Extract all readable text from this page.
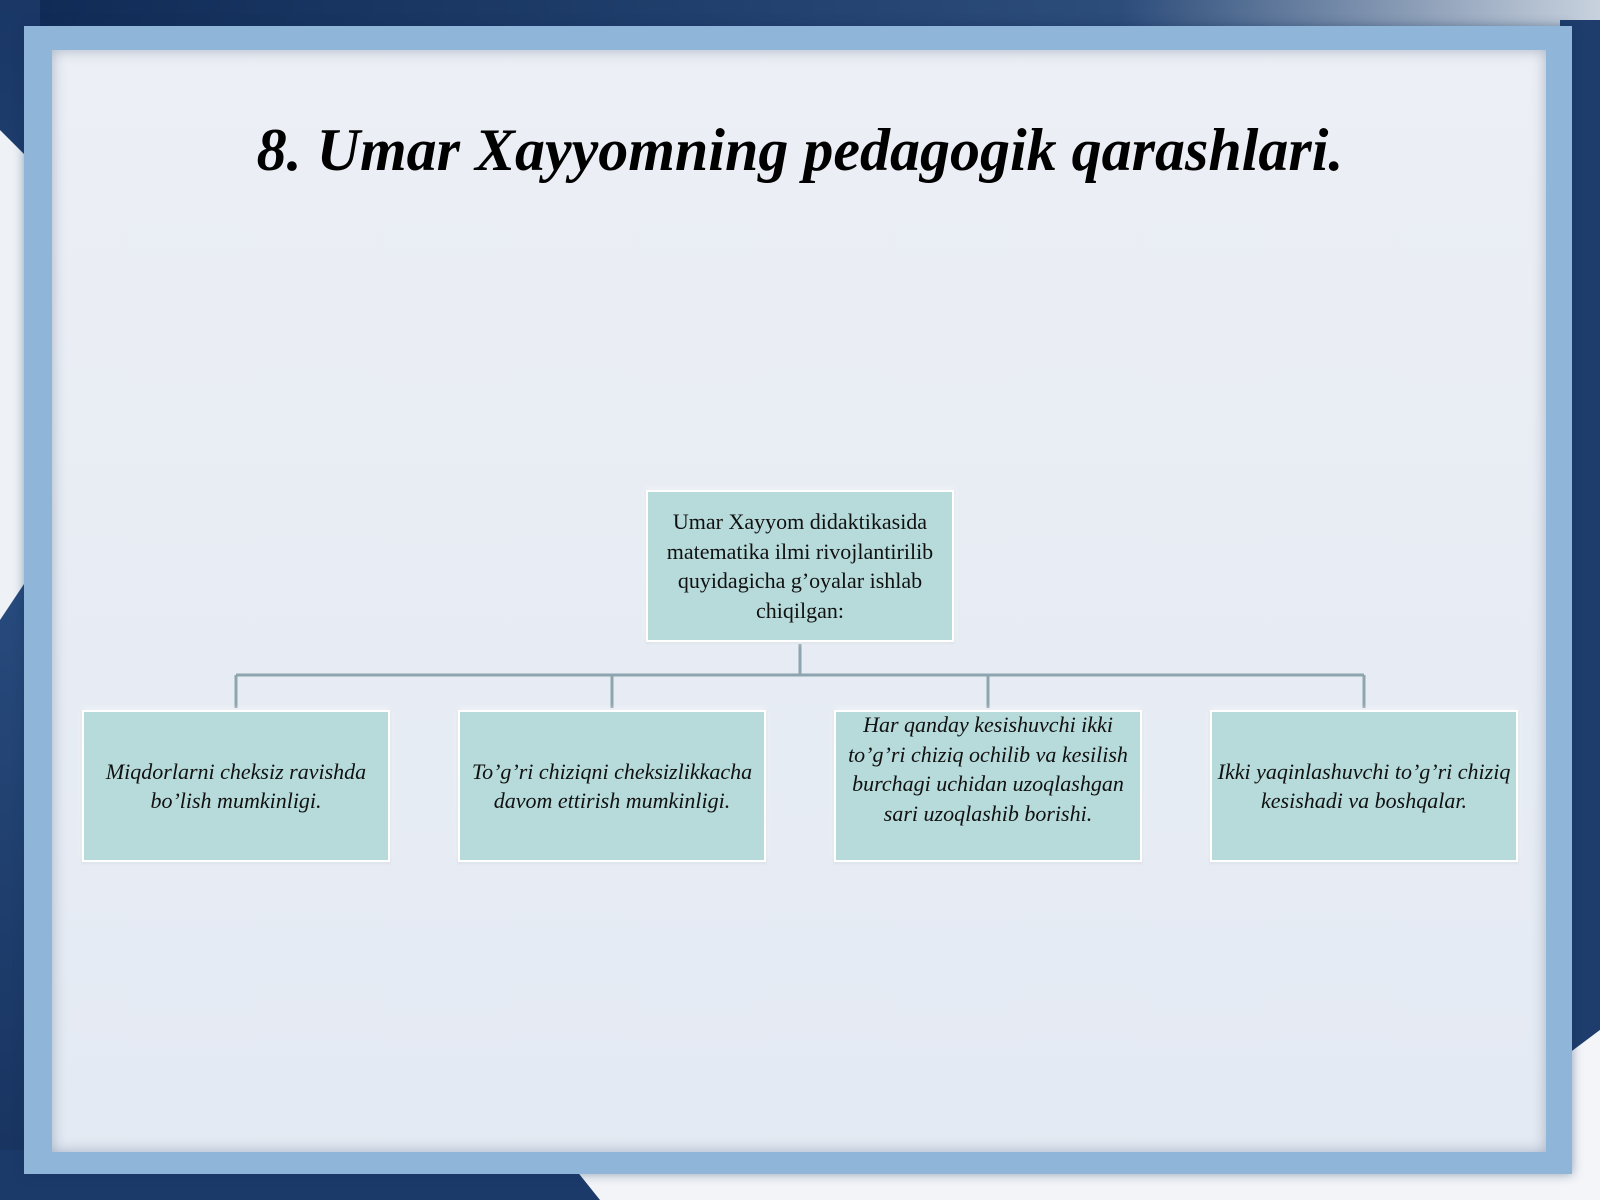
8. Umar Xayyomning pedagogik qarashlari.
Umar Xayyom didaktikasida matematika ilmi rivojlantirilib quyidagicha g’oyalar ishlab chiqilgan:
Miqdorlarni cheksiz ravishda bo’lish mumkinligi.
To’g’ri chiziqni cheksizlikkacha davom ettirish mumkinligi.
Har qanday kesishuvchi ikki to’g’ri chiziq ochilib va kesilish burchagi uchidan uzoqlashgan sari uzoqlashib borishi.
Ikki yaqinlashuvchi to’g’ri chiziq kesishadi va boshqalar.
